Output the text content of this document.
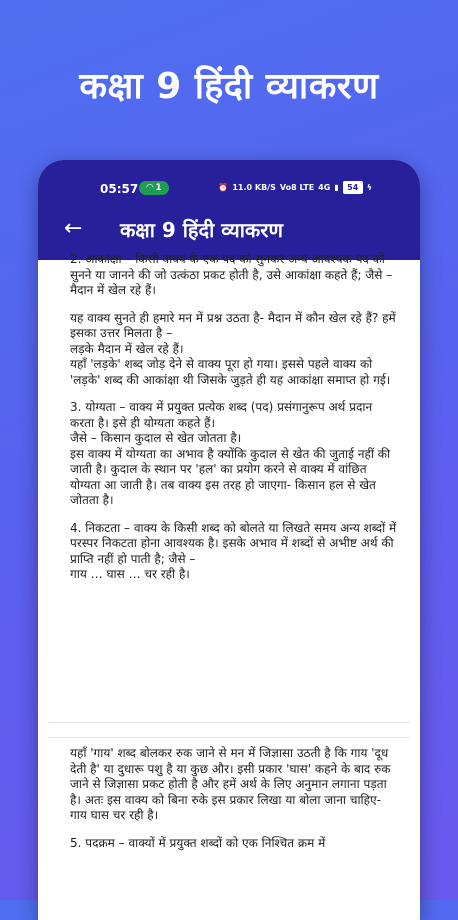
कक्षा 9 हिंदी व्याकरण
05:57 ◠ 1	⏰ 11.0 KB/S Vo8 LTE 4G ▮	54	ϟ
← कक्षा 9 हिंदी व्याकरण

2. आकांक्षा – किसी वाक्य के एक पद को सुनकर अन्य आवश्यक पद को सुनने या जानने की जो उत्कंठा प्रकट होती है, उसे आकांक्षा कहते हैं; जैसे – मैदान में खेल रहे हैं।

यह वाक्य सुनते ही हमारे मन में प्रश्न उठता है- मैदान में कौन खेल रहे हैं? हमें इसका उत्तर मिलता है –
लड़के मैदान में खेल रहे हैं।
यहाँ 'लड़के' शब्द जोड़ देने से वाक्य पूरा हो गया। इससे पहले वाक्य को 'लड़के' शब्द की आकांक्षा थी जिसके जुड़ते ही यह आकांक्षा समाप्त हो गई।

3. योग्यता – वाक्य में प्रयुक्त प्रत्येक शब्द (पद) प्रसंगानुरूप अर्थ प्रदान करता है। इसे ही योग्यता कहते हैं।
जैसे – किसान कुदाल से खेत जोतता है।
इस वाक्य में योग्यता का अभाव है क्योंकि कुदाल से खेत की जुताई नहीं की जाती है। कुदाल के स्थान पर 'हल' का प्रयोग करने से वाक्य में वांछित योग्यता आ जाती है। तब वाक्य इस तरह हो जाएगा- किसान हल से खेत जोतता है।

4. निकटता – वाक्य के किसी शब्द को बोलते या लिखते समय अन्य शब्दों में परस्पर निकटता होना आवश्यक है। इसके अभाव में शब्दों से अभीष्ट अर्थ की प्राप्ति नहीं हो पाती है; जैसे –
गाय … घास … चर रही है।

यहाँ 'गाय' शब्द बोलकर रुक जाने से मन में जिज्ञासा उठती है कि गाय 'दूध देती है' या दुधारू पशु है या कुछ और। इसी प्रकार 'घास' कहने के बाद रुक जाने से जिज्ञासा प्रकट होती है और हमें अर्थ के लिए अनुमान लगाना पड़ता है। अतः इस वाक्य को बिना रुके इस प्रकार लिखा या बोला जाना चाहिए- गाय घास चर रही है।

5. पदक्रम – वाक्यों में प्रयुक्त शब्दों को एक निश्चित क्रम में
